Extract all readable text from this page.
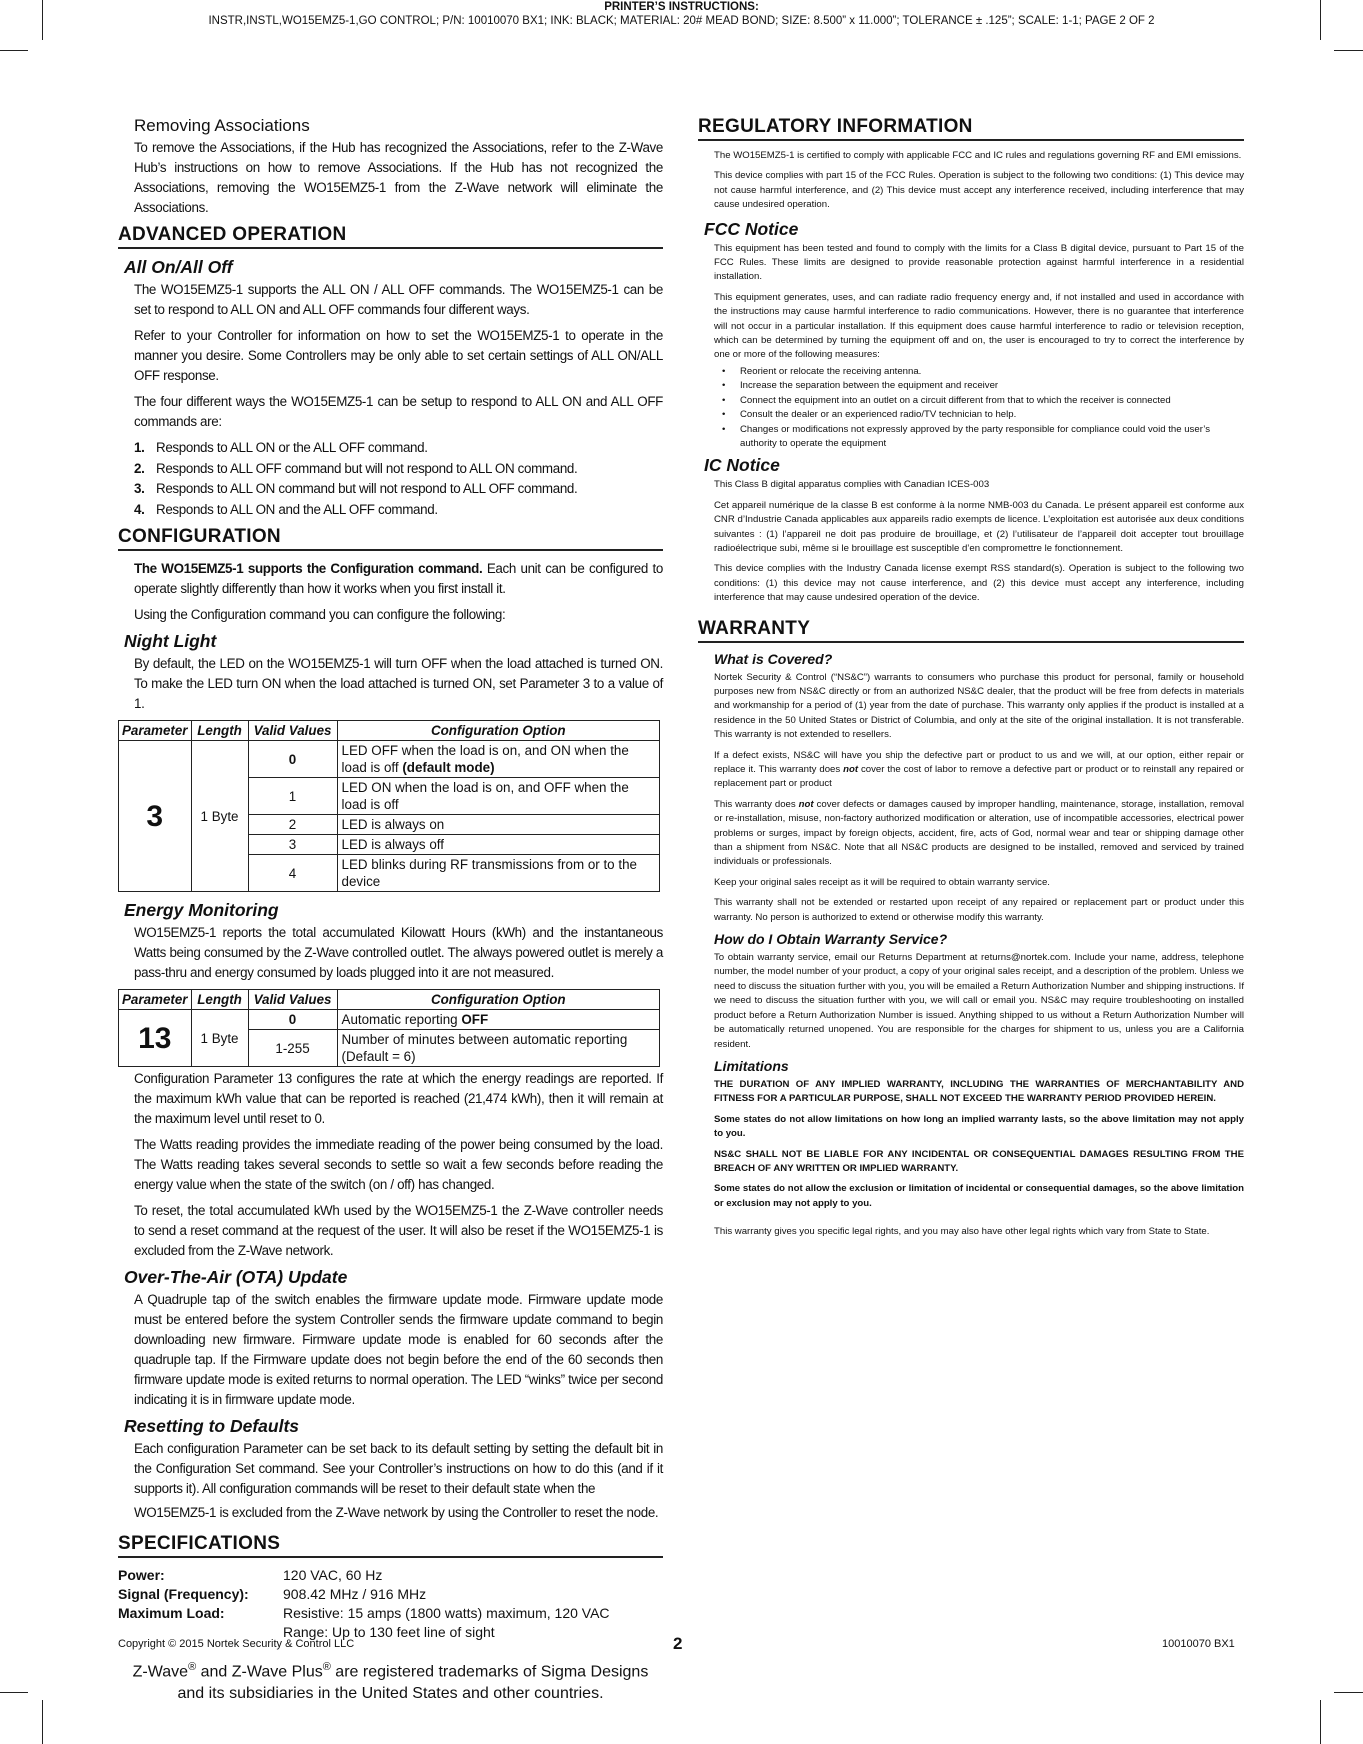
PRINTER’S INSTRUCTIONS:
INSTR,INSTL,WO15EMZ5-1,GO CONTROL; P/N: 10010070 BX1; INK: BLACK; MATERIAL: 20# MEAD BOND; SIZE: 8.500” x 11.000”; TOLERANCE ± .125”; SCALE: 1-1; PAGE 2 OF 2
Removing Associations
To remove the Associations, if the Hub has recognized the Associations, refer to the Z-Wave Hub’s instructions on how to remove Associations. If the Hub has not recognized the Associations, removing the WO15EMZ5-1 from the Z-Wave network will eliminate the Associations.
ADVANCED OPERATION
All On/All Off
The WO15EMZ5-1 supports the ALL ON / ALL OFF commands. The WO15EMZ5-1 can be set to respond to ALL ON and ALL OFF commands four different ways.
Refer to your Controller for information on how to set the WO15EMZ5-1 to operate in the manner you desire. Some Controllers may be only able to set certain settings of ALL ON/ALL OFF response.
The four different ways the WO15EMZ5-1 can be setup to respond to ALL ON and ALL OFF commands are:
1. Responds to ALL ON or the ALL OFF command.
2. Responds to ALL OFF command but will not respond to ALL ON command.
3. Responds to ALL ON command but will not respond to ALL OFF command.
4. Responds to ALL ON and the ALL OFF command.
CONFIGURATION
The WO15EMZ5-1 supports the Configuration command. Each unit can be configured to operate slightly differently than how it works when you first install it.
Using the Configuration command you can configure the following:
Night Light
By default, the LED on the WO15EMZ5-1 will turn OFF when the load attached is turned ON. To make the LED turn ON when the load attached is turned ON, set Parameter 3 to a value of 1.
Parameter	Length	Valid Values	Configuration Option
3	1 Byte	0	LED OFF when the load is on, and ON when the load is off (default mode)
		1	LED ON when the load is on, and OFF when the load is off
		2	LED is always on
		3	LED is always off
		4	LED blinks during RF transmissions from or to the device
Energy Monitoring
WO15EMZ5-1 reports the total accumulated Kilowatt Hours (kWh) and the instantaneous Watts being consumed by the Z-Wave controlled outlet. The always powered outlet is merely a pass-thru and energy consumed by loads plugged into it are not measured.
Parameter	Length	Valid Values	Configuration Option
13	1 Byte	0	Automatic reporting OFF
		1-255	Number of minutes between automatic reporting (Default = 6)
Configuration Parameter 13 configures the rate at which the energy readings are reported. If the maximum kWh value that can be reported is reached (21,474 kWh), then it will remain at the maximum level until reset to 0.
The Watts reading provides the immediate reading of the power being consumed by the load. The Watts reading takes several seconds to settle so wait a few seconds before reading the energy value when the state of the switch (on / off) has changed.
To reset, the total accumulated kWh used by the WO15EMZ5-1 the Z-Wave controller needs to send a reset command at the request of the user. It will also be reset if the WO15EMZ5-1 is excluded from the Z-Wave network.
Over-The-Air (OTA) Update
A Quadruple tap of the switch enables the firmware update mode. Firmware update mode must be entered before the system Controller sends the firmware update command to begin downloading new firmware. Firmware update mode is enabled for 60 seconds after the quadruple tap. If the Firmware update does not begin before the end of the 60 seconds then firmware update mode is exited returns to normal operation. The LED “winks” twice per second indicating it is in firmware update mode.
Resetting to Defaults
Each configuration Parameter can be set back to its default setting by setting the default bit in the Configuration Set command. See your Controller’s instructions on how to do this (and if it supports it). All configuration commands will be reset to their default state when the
WO15EMZ5-1 is excluded from the Z-Wave network by using the Controller to reset the node.
SPECIFICATIONS
Power:	120 VAC, 60 Hz
Signal (Frequency):	908.42 MHz / 916 MHz
Maximum Load:	Resistive: 15 amps (1800 watts) maximum, 120 VAC
Range: Up to 130 feet line of sight
Z-Wave® and Z-Wave Plus® are registered trademarks of Sigma Designs
and its subsidiaries in the United States and other countries.
REGULATORY INFORMATION
The WO15EMZ5-1 is certified to comply with applicable FCC and IC rules and regulations governing RF and EMI emissions.
This device complies with part 15 of the FCC Rules. Operation is subject to the following two conditions: (1) This device may not cause harmful interference, and (2) This device must accept any interference received, including interference that may cause undesired operation.
FCC Notice
This equipment has been tested and found to comply with the limits for a Class B digital device, pursuant to Part 15 of the FCC Rules. These limits are designed to provide reasonable protection against harmful interference in a residential installation.
This equipment generates, uses, and can radiate radio frequency energy and, if not installed and used in accordance with the instructions may cause harmful interference to radio communications. However, there is no guarantee that interference will not occur in a particular installation. If this equipment does cause harmful interference to radio or television reception, which can be determined by turning the equipment off and on, the user is encouraged to try to correct the interference by one or more of the following measures:
• Reorient or relocate the receiving antenna.
• Increase the separation between the equipment and receiver
• Connect the equipment into an outlet on a circuit different from that to which the receiver is connected
• Consult the dealer or an experienced radio/TV technician to help.
• Changes or modifications not expressly approved by the party responsible for compliance could void the user’s authority to operate the equipment
IC Notice
This Class B digital apparatus complies with Canadian ICES-003
Cet appareil numérique de la classe B est conforme à la norme NMB-003 du Canada. Le présent appareil est conforme aux CNR d’Industrie Canada applicables aux appareils radio exempts de licence. L’exploitation est autorisée aux deux conditions suivantes : (1) l’appareil ne doit pas produire de brouillage, et (2) l’utilisateur de l’appareil doit accepter tout brouillage radioélectrique subi, même si le brouillage est susceptible d’en compromettre le fonctionnement.
This device complies with the Industry Canada license exempt RSS standard(s). Operation is subject to the following two conditions: (1) this device may not cause interference, and (2) this device must accept any interference, including interference that may cause undesired operation of the device.
WARRANTY
What is Covered?
Nortek Security & Control (“NS&C”) warrants to consumers who purchase this product for personal, family or household purposes new from NS&C directly or from an authorized NS&C dealer, that the product will be free from defects in materials and workmanship for a period of (1) year from the date of purchase. This warranty only applies if the product is installed at a residence in the 50 United States or District of Columbia, and only at the site of the original installation. It is not transferable. This warranty is not extended to resellers.
If a defect exists, NS&C will have you ship the defective part or product to us and we will, at our option, either repair or replace it. This warranty does not cover the cost of labor to remove a defective part or product or to reinstall any repaired or replacement part or product
This warranty does not cover defects or damages caused by improper handling, maintenance, storage, installation, removal or re-installation, misuse, non-factory authorized modification or alteration, use of incompatible accessories, electrical power problems or surges, impact by foreign objects, accident, fire, acts of God, normal wear and tear or shipping damage other than a shipment from NS&C. Note that all NS&C products are designed to be installed, removed and serviced by trained individuals or professionals.
Keep your original sales receipt as it will be required to obtain warranty service.
This warranty shall not be extended or restarted upon receipt of any repaired or replacement part or product under this warranty. No person is authorized to extend or otherwise modify this warranty.
How do I Obtain Warranty Service?
To obtain warranty service, email our Returns Department at returns@nortek.com. Include your name, address, telephone number, the model number of your product, a copy of your original sales receipt, and a description of the problem. Unless we need to discuss the situation further with you, you will be emailed a Return Authorization Number and shipping instructions. If we need to discuss the situation further with you, we will call or email you. NS&C may require troubleshooting on installed product before a Return Authorization Number is issued. Anything shipped to us without a Return Authorization Number will be automatically returned unopened. You are responsible for the charges for shipment to us, unless you are a California resident.
Limitations
THE DURATION OF ANY IMPLIED WARRANTY, INCLUDING THE WARRANTIES OF MERCHANTABILITY AND FITNESS FOR A PARTICULAR PURPOSE, SHALL NOT EXCEED THE WARRANTY PERIOD PROVIDED HEREIN.
Some states do not allow limitations on how long an implied warranty lasts, so the above limitation may not apply to you.
NS&C SHALL NOT BE LIABLE FOR ANY INCIDENTAL OR CONSEQUENTIAL DAMAGES RESULTING FROM THE BREACH OF ANY WRITTEN OR IMPLIED WARRANTY.
Some states do not allow the exclusion or limitation of incidental or consequential damages, so the above limitation or exclusion may not apply to you.
This warranty gives you specific legal rights, and you may also have other legal rights which vary from State to State.
Copyright © 2015 Nortek Security & Control LLC	2	10010070 BX1
